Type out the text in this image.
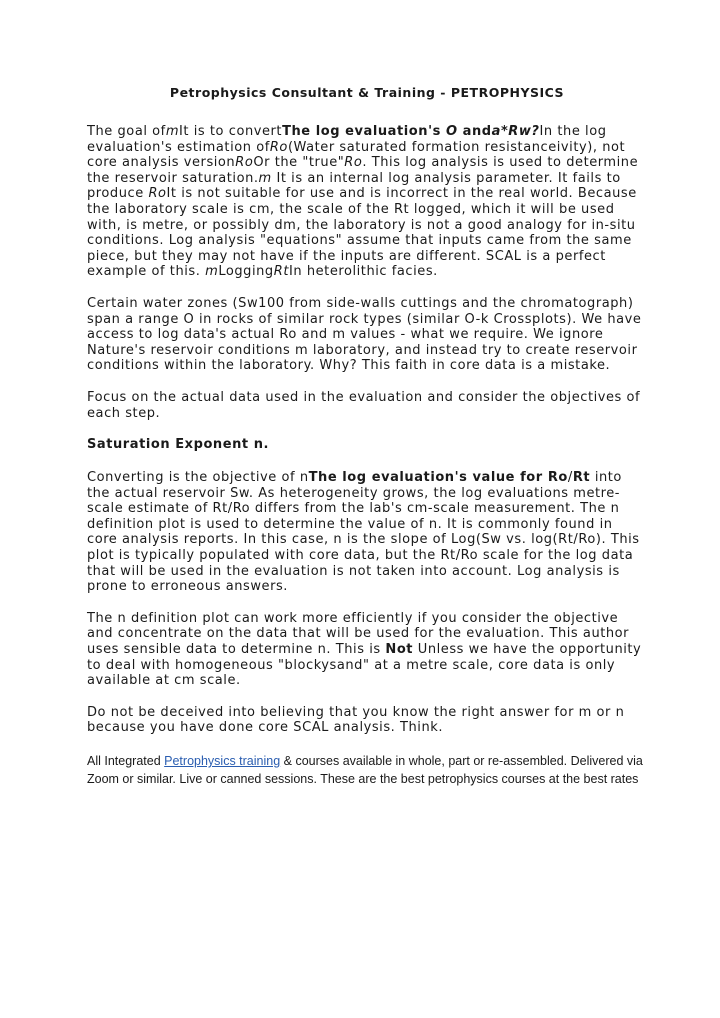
Petrophysics Consultant & Training - PETROPHYSICS

The goal ofmIt is to convertThe log evaluation's O anda*Rw?In the log evaluation's estimation ofRo(Water saturated formation resistanceivity), not core analysis versionRoOr the "true"Ro. This log analysis is used to determine the reservoir saturation.m It is an internal log analysis parameter. It fails to produce RoIt is not suitable for use and is incorrect in the real world. Because the laboratory scale is cm, the scale of the Rt logged, which it will be used with, is metre, or possibly dm, the laboratory is not a good analogy for in-situ conditions. Log analysis "equations" assume that inputs came from the same piece, but they may not have if the inputs are different. SCAL is a perfect example of this. mLoggingRtIn heterolithic facies.

Certain water zones (Sw100 from side-walls cuttings and the chromatograph) span a range O in rocks of similar rock types (similar O-k Crossplots). We have access to log data's actual Ro and m values - what we require. We ignore Nature's reservoir conditions m laboratory, and instead try to create reservoir conditions within the laboratory. Why? This faith in core data is a mistake.

Focus on the actual data used in the evaluation and consider the objectives of each step.

Saturation Exponent n.

Converting is the objective of nThe log evaluation's value for Ro/Rt into the actual reservoir Sw. As heterogeneity grows, the log evaluations metre-scale estimate of Rt/Ro differs from the lab's cm-scale measurement. The n definition plot is used to determine the value of n. It is commonly found in core analysis reports. In this case, n is the slope of Log(Sw vs. log(Rt/Ro). This plot is typically populated with core data, but the Rt/Ro scale for the log data that will be used in the evaluation is not taken into account. Log analysis is prone to erroneous answers.

The n definition plot can work more efficiently if you consider the objective and concentrate on the data that will be used for the evaluation. This author uses sensible data to determine n. This is Not Unless we have the opportunity to deal with homogeneous "blockysand" at a metre scale, core data is only available at cm scale.

Do not be deceived into believing that you know the right answer for m or n because you have done core SCAL analysis. Think.

All Integrated Petrophysics training & courses available in whole, part or re-assembled. Delivered via Zoom or similar. Live or canned sessions. These are the best petrophysics courses at the best rates
